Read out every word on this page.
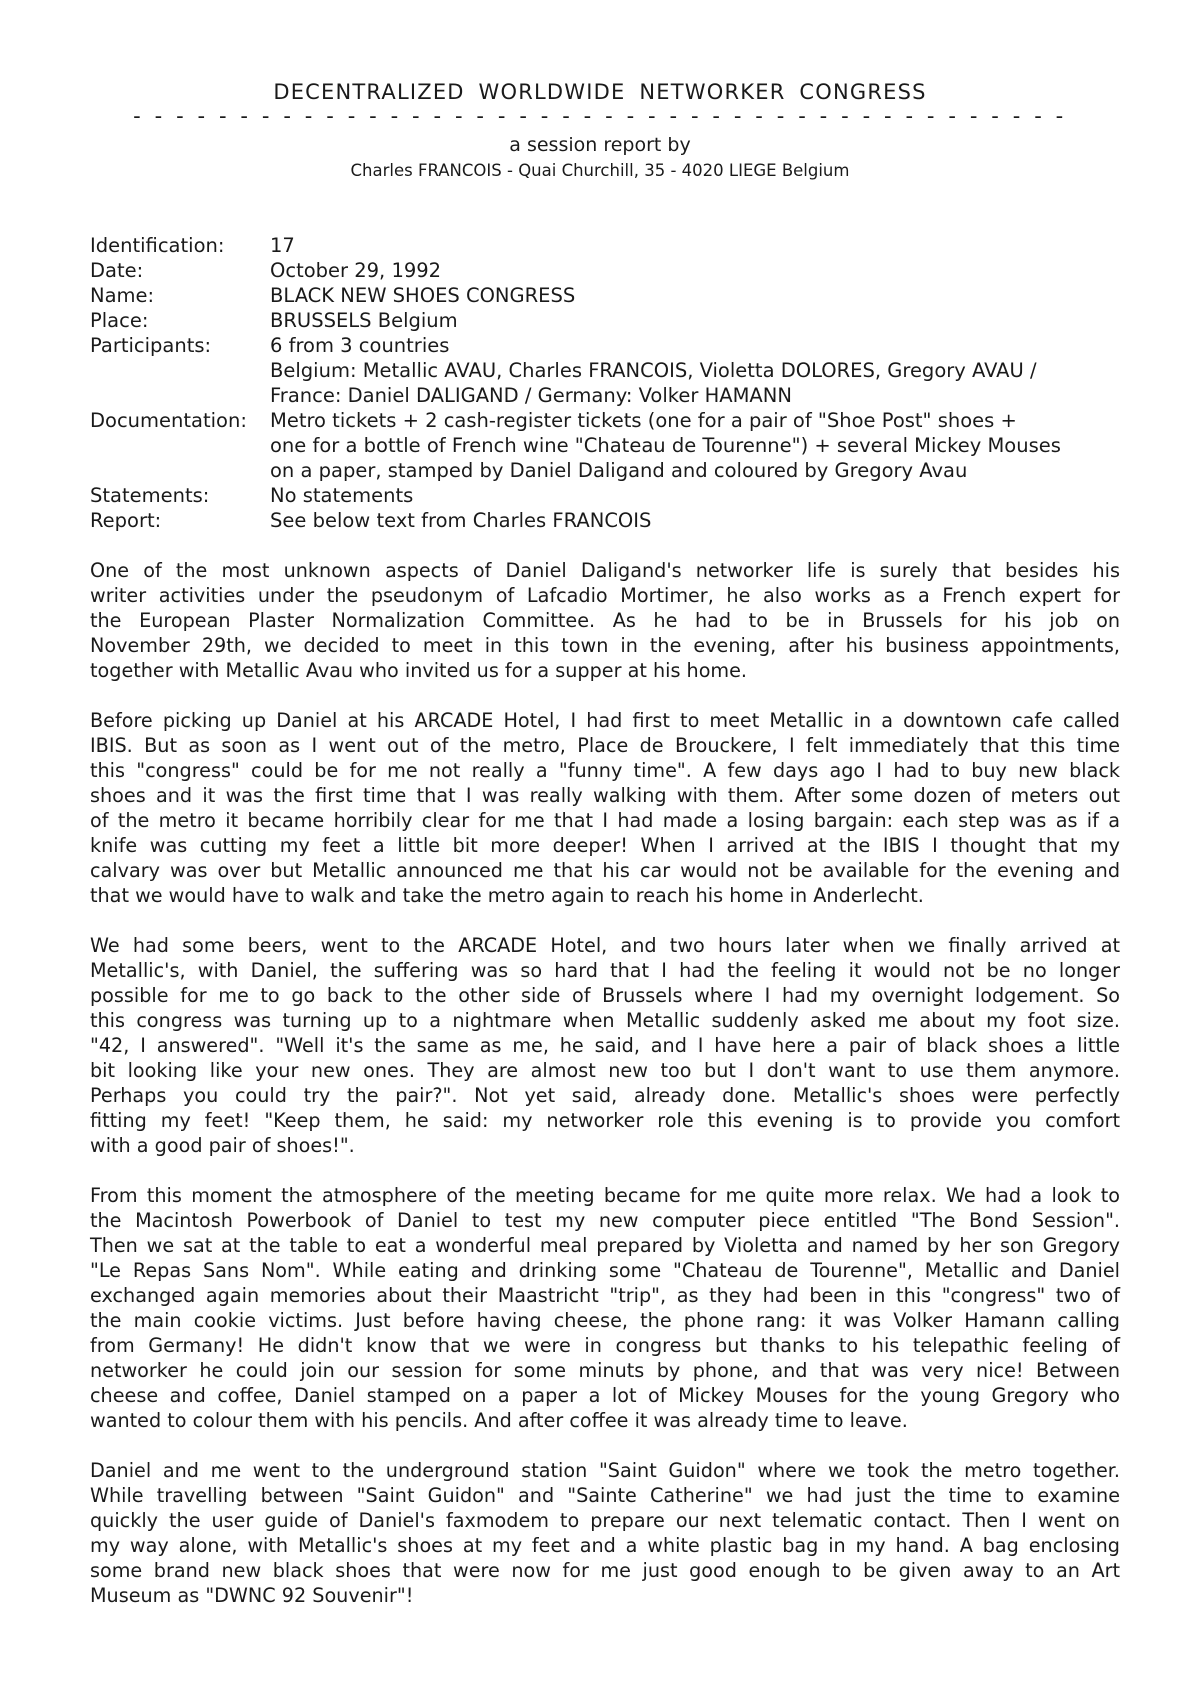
DECENTRALIZED WORLDWIDE NETWORKER CONGRESS
- - - - - - - - - - - - - - - - - - - - - - - - - - - - - - - - - - - - - - - - - - - -

a session report by

Charles FRANCOIS - Quai Churchill, 35 - 4020 LIEGE Belgium

Identification:	17
Date:	October 29, 1992
Name:	BLACK NEW SHOES CONGRESS
Place:	BRUSSELS Belgium
Participants:	6 from 3 countries
Belgium: Metallic AVAU, Charles FRANCOIS, Violetta DOLORES, Gregory AVAU /
France: Daniel DALIGAND / Germany: Volker HAMANN
Documentation:	Metro tickets + 2 cash-register tickets (one for a pair of "Shoe Post" shoes +
one for a bottle of French wine "Chateau de Tourenne") + several Mickey Mouses
on a paper, stamped by Daniel Daligand and coloured by Gregory Avau
Statements:	No statements
Report:	See below text from Charles FRANCOIS
One of the most unknown aspects of Daniel Daligand's networker life is surely that besides his
writer activities under the pseudonym of Lafcadio Mortimer, he also works as a French expert for
the European Plaster Normalization Committee. As he had to be in Brussels for his job on
November 29th, we decided to meet in this town in the evening, after his business appointments,
together with Metallic Avau who invited us for a supper at his home.
Before picking up Daniel at his ARCADE Hotel, I had first to meet Metallic in a downtown cafe called
IBIS. But as soon as I went out of the metro, Place de Brouckere, I felt immediately that this time
this "congress" could be for me not really a "funny time". A few days ago I had to buy new black
shoes and it was the first time that I was really walking with them. After some dozen of meters out
of the metro it became horribily clear for me that I had made a losing bargain: each step was as if a
knife was cutting my feet a little bit more deeper! When I arrived at the IBIS I thought that my
calvary was over but Metallic announced me that his car would not be available for the evening and
that we would have to walk and take the metro again to reach his home in Anderlecht.
We had some beers, went to the ARCADE Hotel, and two hours later when we finally arrived at
Metallic's, with Daniel, the suffering was so hard that I had the feeling it would not be no longer
possible for me to go back to the other side of Brussels where I had my overnight lodgement. So
this congress was turning up to a nightmare when Metallic suddenly asked me about my foot size.
"42, I answered". "Well it's the same as me, he said, and I have here a pair of black shoes a little
bit looking like your new ones. They are almost new too but I don't want to use them anymore.
Perhaps you could try the pair?". Not yet said, already done. Metallic's shoes were perfectly
fitting my feet! "Keep them, he said: my networker role this evening is to provide you comfort
with a good pair of shoes!".
From this moment the atmosphere of the meeting became for me quite more relax. We had a look to
the Macintosh Powerbook of Daniel to test my new computer piece entitled "The Bond Session".
Then we sat at the table to eat a wonderful meal prepared by Violetta and named by her son Gregory
"Le Repas Sans Nom". While eating and drinking some "Chateau de Tourenne", Metallic and Daniel
exchanged again memories about their Maastricht "trip", as they had been in this "congress" two of
the main cookie victims. Just before having cheese, the phone rang: it was Volker Hamann calling
from Germany! He didn't know that we were in congress but thanks to his telepathic feeling of
networker he could join our session for some minuts by phone, and that was very nice! Between
cheese and coffee, Daniel stamped on a paper a lot of Mickey Mouses for the young Gregory who
wanted to colour them with his pencils. And after coffee it was already time to leave.
Daniel and me went to the underground station "Saint Guidon" where we took the metro together.
While travelling between "Saint Guidon" and "Sainte Catherine" we had just the time to examine
quickly the user guide of Daniel's faxmodem to prepare our next telematic contact. Then I went on
my way alone, with Metallic's shoes at my feet and a white plastic bag in my hand. A bag enclosing
some brand new black shoes that were now for me just good enough to be given away to an Art
Museum as "DWNC 92 Souvenir"!
